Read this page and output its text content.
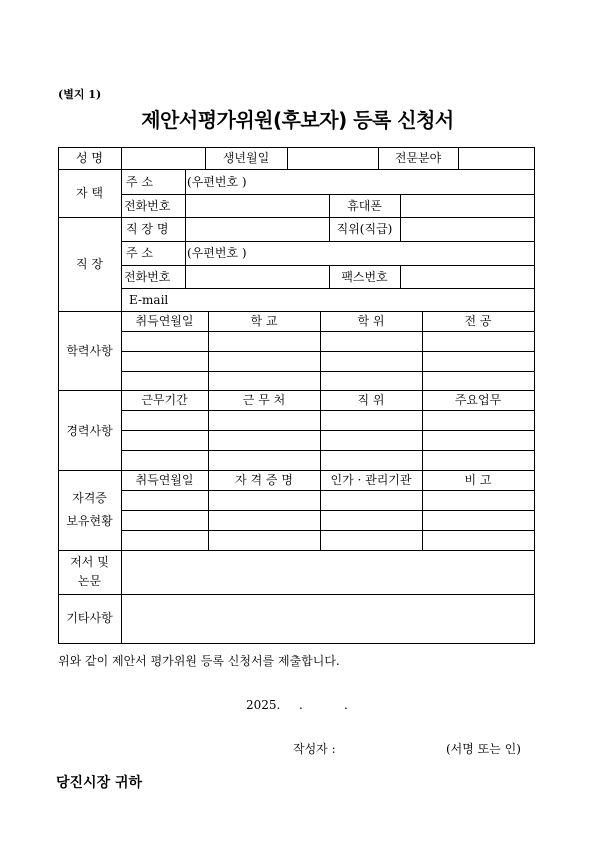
(별지 1)
제안서평가위원(후보자) 등록 신청서
성 명	생년월일	전문분야
자 택
주 소	(우편번호 )
전화번호	휴대폰
직 장
직 장 명	직위(직급)
주 소	(우편번호 )
전화번호	팩스번호
E-mail
학력사항
취득연월일	학 교	학 위	전 공
경력사항
근무기간	근 무 처	직 위	주요업무
자격증
보유현황
취득연월일	자 격 증 명	인가 · 관리기관	비 고
저서 및
논문
기타사항
위와 같이 제안서 평가위원 등록 신청서를 제출합니다.
2025. .	.
작성자 :	(서명 또는 인)
당진시장 귀하
